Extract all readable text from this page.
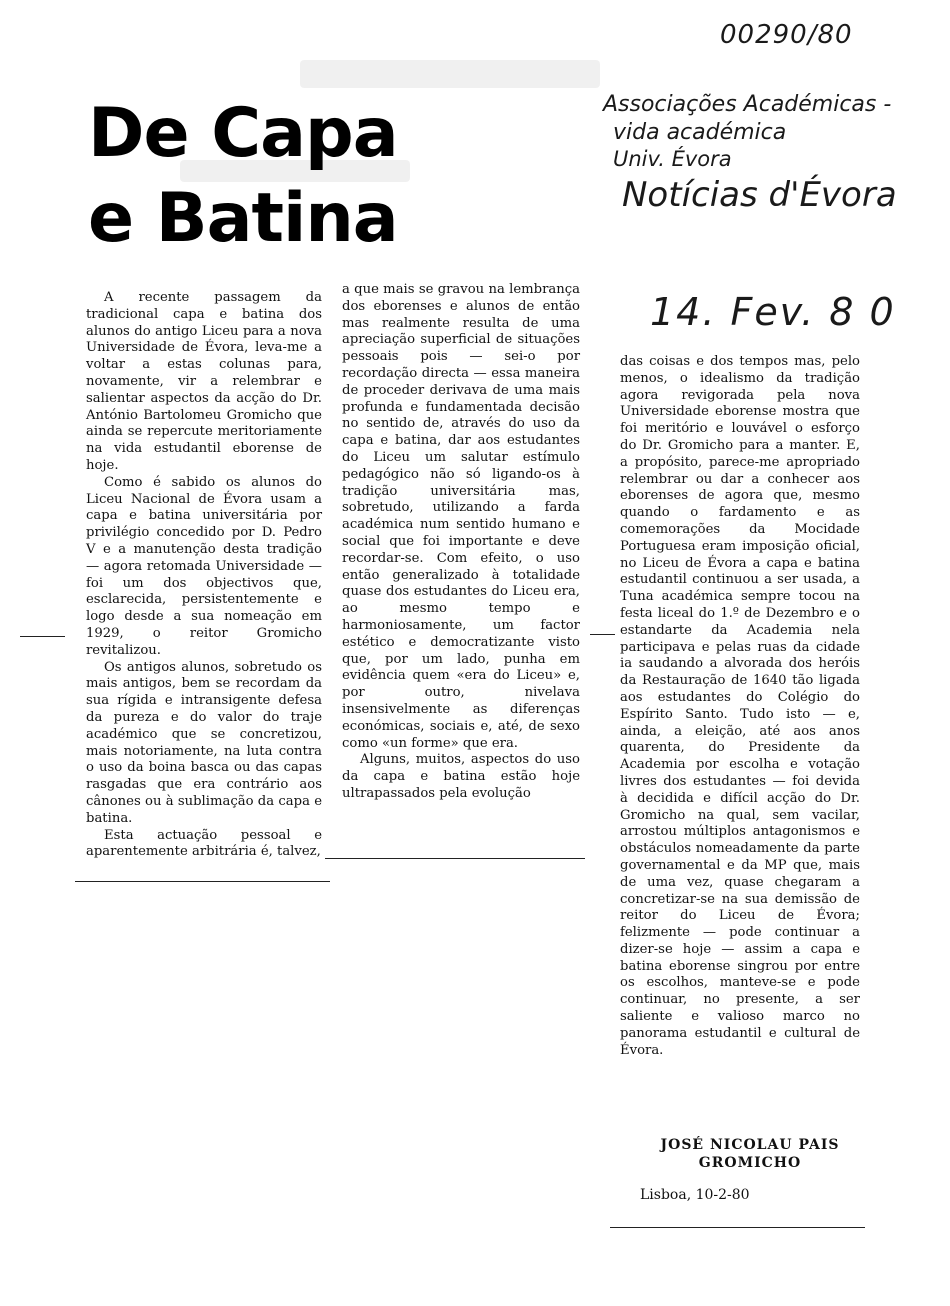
00290/80
Associações Académicas -
vida académica
Univ. Évora
Notícias d'Évora
14. Fev. 8 0
De Capa
e Batina

A recente passagem da tradicional capa e batina dos alunos do antigo Liceu para a nova Universidade de Évora, leva-me a voltar a estas colunas para, novamente, vir a relembrar e salientar aspectos da acção do Dr. António Bartolomeu Gromicho que ainda se repercute meritoriamente na vida estudantil eborense de hoje.

Como é sabido os alunos do Liceu Nacional de Évora usam a capa e batina universitária por privilégio concedido por D. Pedro V e a manutenção desta tradição — agora retomada Universidade — foi um dos objectivos que, esclarecida, persistentemente e logo desde a sua nomeação em 1929, o reitor Gromicho revitalizou.

Os antigos alunos, sobretudo os mais antigos, bem se recordam da sua rígida e intransigente defesa da pureza e do valor do traje académico que se concretizou, mais notoriamente, na luta contra o uso da boina basca ou das capas rasgadas que era contrário aos cânones ou à sublimação da capa e batina.

Esta actuação pessoal e aparentemente arbitrária é, talvez,

a que mais se gravou na lembrança dos eborenses e alunos de então mas realmente resulta de uma apreciação superficial de situações pessoais pois — sei-o por recordação directa — essa maneira de proceder derivava de uma mais profunda e fundamentada decisão no sentido de, através do uso da capa e batina, dar aos estudantes do Liceu um salutar estímulo pedagógico não só ligando-os à tradição universitária mas, sobretudo, utilizando a farda académica num sentido humano e social que foi importante e deve recordar-se. Com efeito, o uso então generalizado à totalidade quase dos estudantes do Liceu era, ao mesmo tempo e harmoniosamente, um factor estético e democratizante visto que, por um lado, punha em evidência quem «era do Liceu» e, por outro, nivelava insensivelmente as diferenças económicas, sociais e, até, de sexo como «un forme» que era.

Alguns, muitos, aspectos do uso da capa e batina estão hoje ultrapassados pela evolução

das coisas e dos tempos mas, pelo menos, o idealismo da tradição agora revigorada pela nova Universidade eborense mostra que foi meritório e louvável o esforço do Dr. Gromicho para a manter. E, a propósito, parece-me apropriado relembrar ou dar a conhecer aos eborenses de agora que, mesmo quando o fardamento e as comemorações da Mocidade Portuguesa eram imposição oficial, no Liceu de Évora a capa e batina estudantil continuou a ser usada, a Tuna académica sempre tocou na festa liceal do 1.º de Dezembro e o estandarte da Academia nela participava e pelas ruas da cidade ia saudando a alvorada dos heróis da Restauração de 1640 tão ligada aos estudantes do Colégio do Espírito Santo. Tudo isto — e, ainda, a eleição, até aos anos quarenta, do Presidente da Academia por escolha e votação livres dos estudantes — foi devida à decidida e difícil acção do Dr. Gromicho na qual, sem vacilar, arrostou múltiplos antagonismos e obstáculos nomeadamente da parte governamental e da MP que, mais de uma vez, quase chegaram a concretizar-se na sua demissão de reitor do Liceu de Évora; felizmente — pode continuar a dizer-se hoje — assim a capa e batina eborense singrou por entre os escolhos, manteve-se e pode continuar, no presente, a ser saliente e valioso marco no panorama estudantil e cultural de Évora.

JOSÉ NICOLAU PAIS
GROMICHO
Lisboa, 10-2-80
